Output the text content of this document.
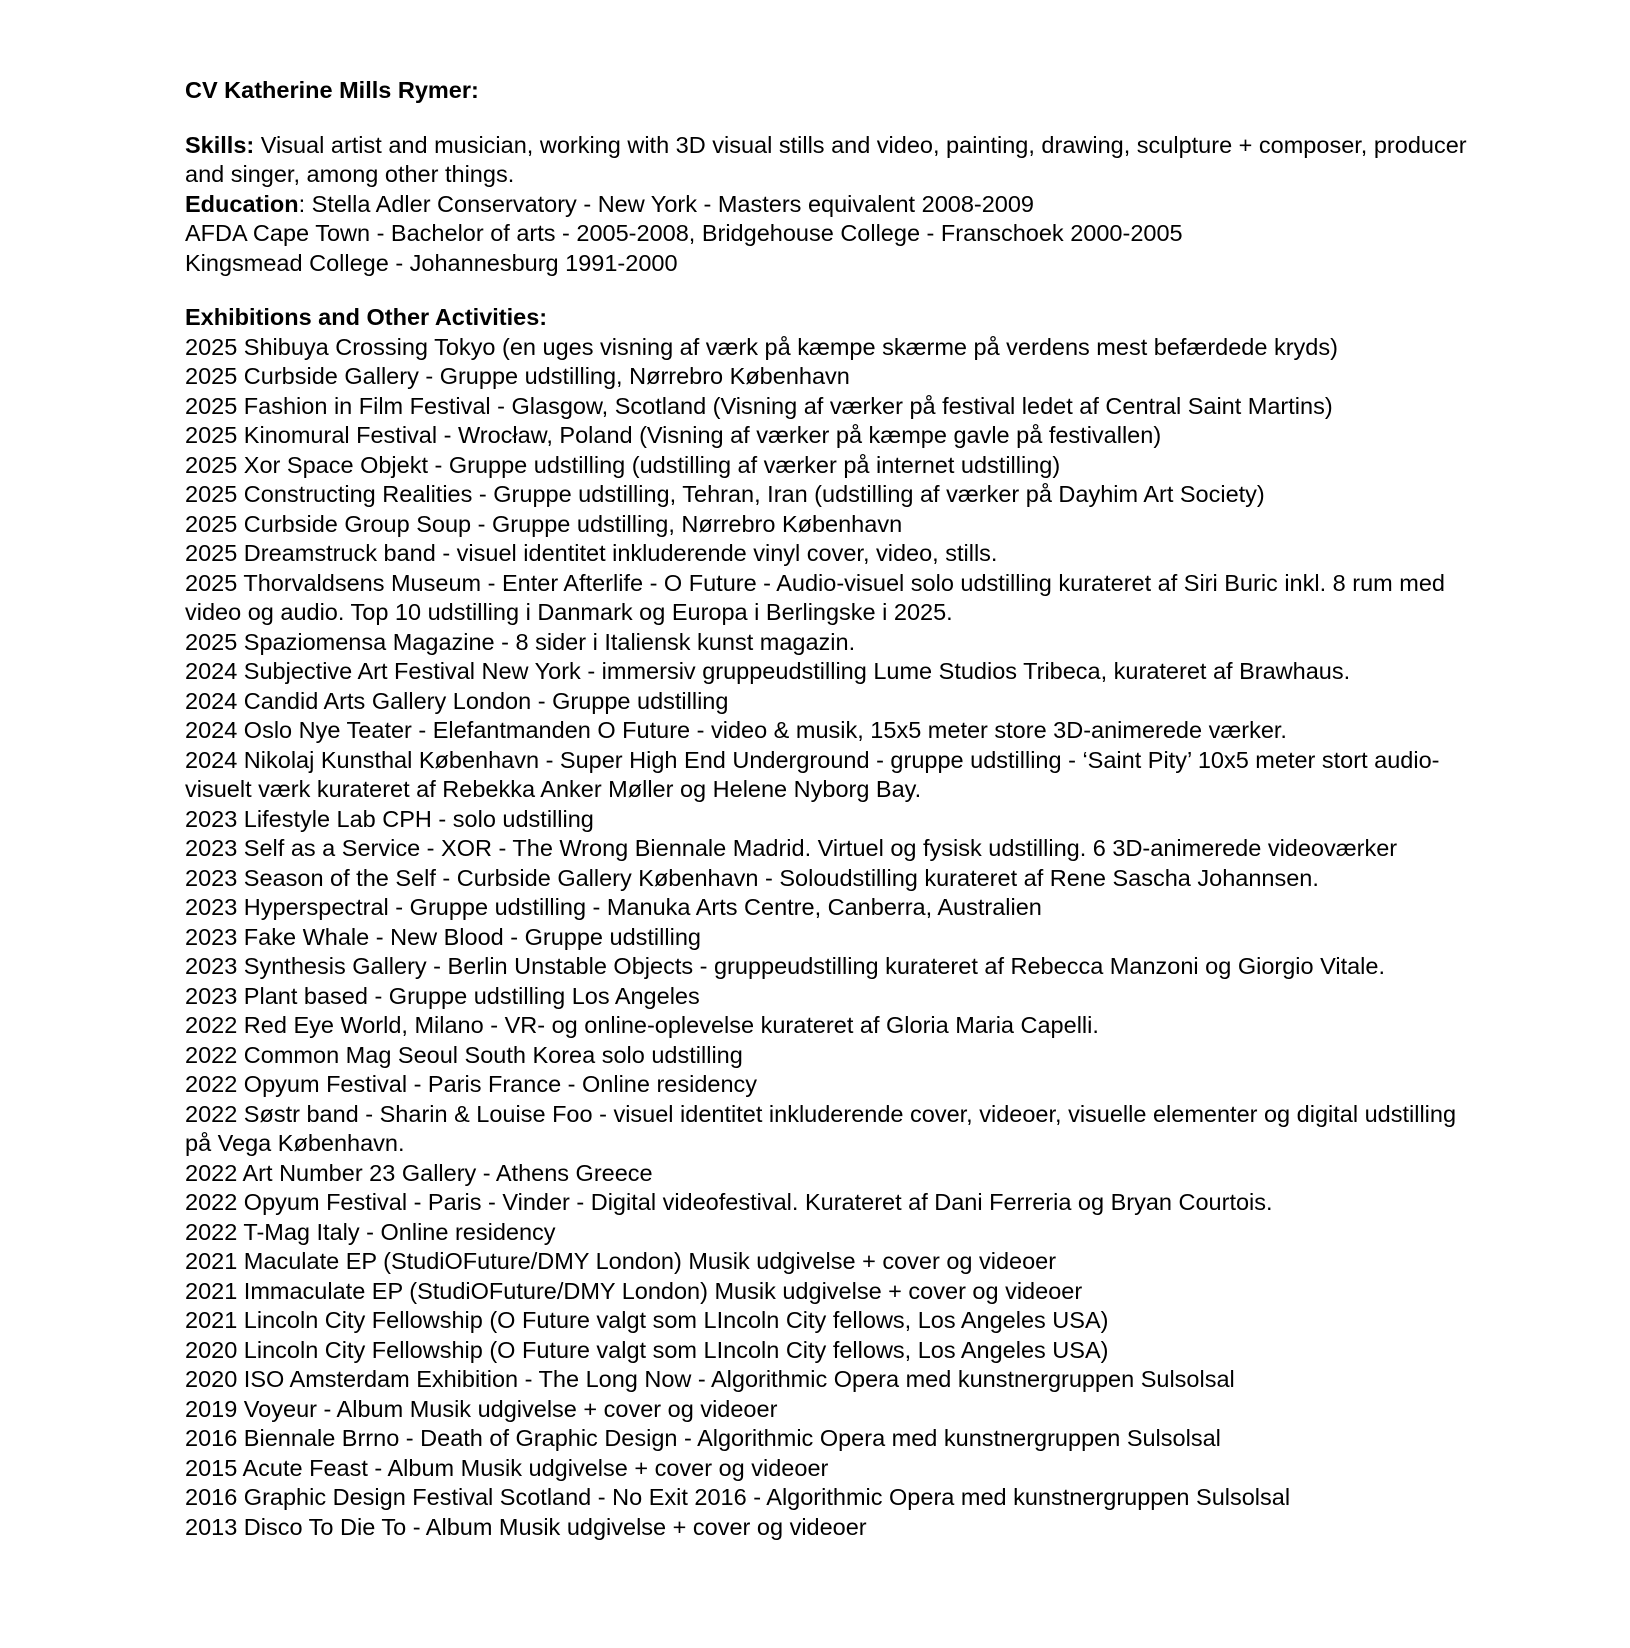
CV Katherine Mills Rymer:

Skills: Visual artist and musician, working with 3D visual stills and video, painting, drawing, sculpture + composer, producer and singer, among other things.

Education: Stella Adler Conservatory - New York - Masters equivalent 2008-2009

AFDA Cape Town - Bachelor of arts - 2005-2008, Bridgehouse College - Franschoek 2000-2005

Kingsmead College - Johannesburg 1991-2000

Exhibitions and Other Activities:

2025 Shibuya Crossing Tokyo (en uges visning af værk på kæmpe skærme på verdens mest befærdede kryds)

2025 Curbside Gallery - Gruppe udstilling, Nørrebro København

2025 Fashion in Film Festival - Glasgow, Scotland (Visning af værker på festival ledet af Central Saint Martins)

2025 Kinomural Festival - Wrocław, Poland (Visning af værker på kæmpe gavle på festivallen)

2025 Xor Space Objekt - Gruppe udstilling (udstilling af værker på internet udstilling)

2025 Constructing Realities - Gruppe udstilling, Tehran, Iran (udstilling af værker på Dayhim Art Society)

2025 Curbside Group Soup - Gruppe udstilling, Nørrebro København

2025 Dreamstruck band - visuel identitet inkluderende vinyl cover, video, stills.

2025 Thorvaldsens Museum - Enter Afterlife - O Future - Audio-visuel solo udstilling kurateret af Siri Buric inkl. 8 rum med video og audio. Top 10 udstilling i Danmark og Europa i Berlingske i 2025.

2025 Spaziomensa Magazine - 8 sider i Italiensk kunst magazin.

2024 Subjective Art Festival New York - immersiv gruppeudstilling Lume Studios Tribeca, kurateret af Brawhaus.

2024 Candid Arts Gallery London - Gruppe udstilling

2024 Oslo Nye Teater - Elefantmanden O Future - video & musik, 15x5 meter store 3D-animerede værker.

2024 Nikolaj Kunsthal København - Super High End Underground - gruppe udstilling - ‘Saint Pity’ 10x5 meter stort audio-visuelt værk kurateret af Rebekka Anker Møller og Helene Nyborg Bay.

2023 Lifestyle Lab CPH - solo udstilling

2023 Self as a Service - XOR - The Wrong Biennale Madrid. Virtuel og fysisk udstilling. 6 3D-animerede videoværker

2023 Season of the Self - Curbside Gallery København - Soloudstilling kurateret af Rene Sascha Johannsen.

2023 Hyperspectral - Gruppe udstilling - Manuka Arts Centre, Canberra, Australien

2023 Fake Whale - New Blood - Gruppe udstilling

2023 Synthesis Gallery - Berlin Unstable Objects - gruppeudstilling kurateret af Rebecca Manzoni og Giorgio Vitale.

2023 Plant based - Gruppe udstilling Los Angeles

2022 Red Eye World, Milano - VR- og online-oplevelse kurateret af Gloria Maria Capelli.

2022 Common Mag Seoul South Korea solo udstilling

2022 Opyum Festival - Paris France - Online residency

2022 Søstr band - Sharin & Louise Foo - visuel identitet inkluderende cover, videoer, visuelle elementer og digital udstilling på Vega København.

2022 Art Number 23 Gallery - Athens Greece

2022 Opyum Festival - Paris - Vinder - Digital videofestival. Kurateret af Dani Ferreria og Bryan Courtois.

2022 T-Mag Italy - Online residency

2021 Maculate EP (StudiOFuture/DMY London) Musik udgivelse + cover og videoer

2021 Immaculate EP (StudiOFuture/DMY London) Musik udgivelse + cover og videoer

2021 Lincoln City Fellowship (O Future valgt som LIncoln City fellows, Los Angeles USA)

2020 Lincoln City Fellowship (O Future valgt som LIncoln City fellows, Los Angeles USA)

2020 ISO Amsterdam Exhibition - The Long Now - Algorithmic Opera med kunstnergruppen Sulsolsal

2019 Voyeur - Album Musik udgivelse + cover og videoer

2016 Biennale Brrno - Death of Graphic Design - Algorithmic Opera med kunstnergruppen Sulsolsal

2015 Acute Feast - Album Musik udgivelse + cover og videoer

2016 Graphic Design Festival Scotland - No Exit 2016 - Algorithmic Opera med kunstnergruppen Sulsolsal

2013 Disco To Die To - Album Musik udgivelse + cover og videoer
